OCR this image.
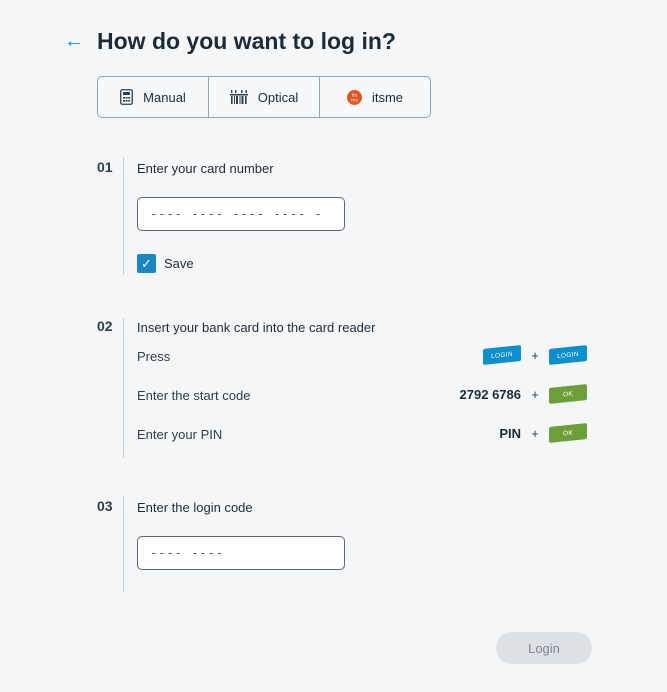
← How do you want to log in?
Manual	Optical	its
me itsme
01 Enter your card number
---- ---- ---- ---- -
✓ Save
02 Insert your bank card into the card reader
Press	LOGIN	+	LOGIN
Enter the start code	2792 6786 +	OK
Enter your PIN	PIN +	OK
03 Enter the login code
---- ----
Login
